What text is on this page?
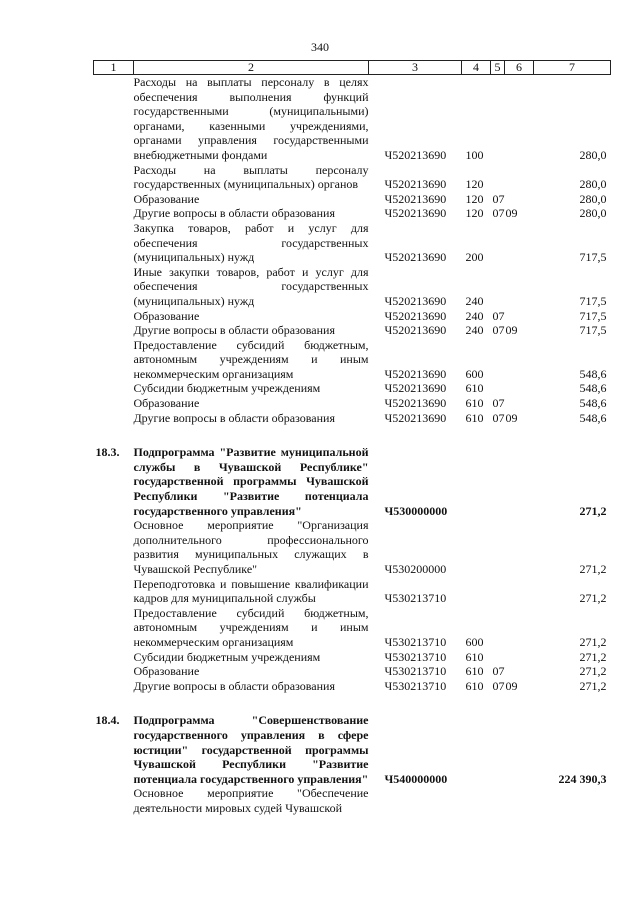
340
1	2	3	4	5	6	7
	Расходы на выплаты персоналу в целях обеспечения выполнения функций государственными (муниципальными) органами, казенными учреждениями, органами управления государственными внебюджетными фондами	Ч520213690	100			280,0
	Расходы на выплаты персоналу государственных (муниципальных) органов	Ч520213690	120			280,0
	Образование	Ч520213690	120	07		280,0
	Другие вопросы в области образования	Ч520213690	120	07	09	280,0
	Закупка товаров, работ и услуг для обеспечения государственных (муниципальных) нужд	Ч520213690	200			717,5
	Иные закупки товаров, работ и услуг для обеспечения государственных (муниципальных) нужд	Ч520213690	240			717,5
	Образование	Ч520213690	240	07		717,5
	Другие вопросы в области образования	Ч520213690	240	07	09	717,5
	Предоставление субсидий бюджетным, автономным учреждениям и иным некоммерческим организациям	Ч520213690	600			548,6
	Субсидии бюджетным учреждениям	Ч520213690	610			548,6
	Образование	Ч520213690	610	07		548,6
	Другие вопросы в области образования	Ч520213690	610	07	09	548,6

18.3.	Подпрограмма "Развитие муниципальной службы в Чувашской Республике" государственной программы Чувашской Республики "Развитие потенциала государственного управления"	Ч530000000				271,2
	Основное мероприятие "Организация дополнительного профессионального развития муниципальных служащих в Чувашской Республике"	Ч530200000				271,2
	Переподготовка и повышение квалификации кадров для муниципальной службы	Ч530213710				271,2
	Предоставление субсидий бюджетным, автономным учреждениям и иным некоммерческим организациям	Ч530213710	600			271,2
	Субсидии бюджетным учреждениям	Ч530213710	610			271,2
	Образование	Ч530213710	610	07		271,2
	Другие вопросы в области образования	Ч530213710	610	07	09	271,2

18.4.	Подпрограмма "Совершенствование государственного управления в сфере юстиции" государственной программы Чувашской Республики "Развитие потенциала государственного управления"	Ч540000000				224 390,3
	Основное мероприятие "Обеспечение деятельности мировых судей Чувашской					
